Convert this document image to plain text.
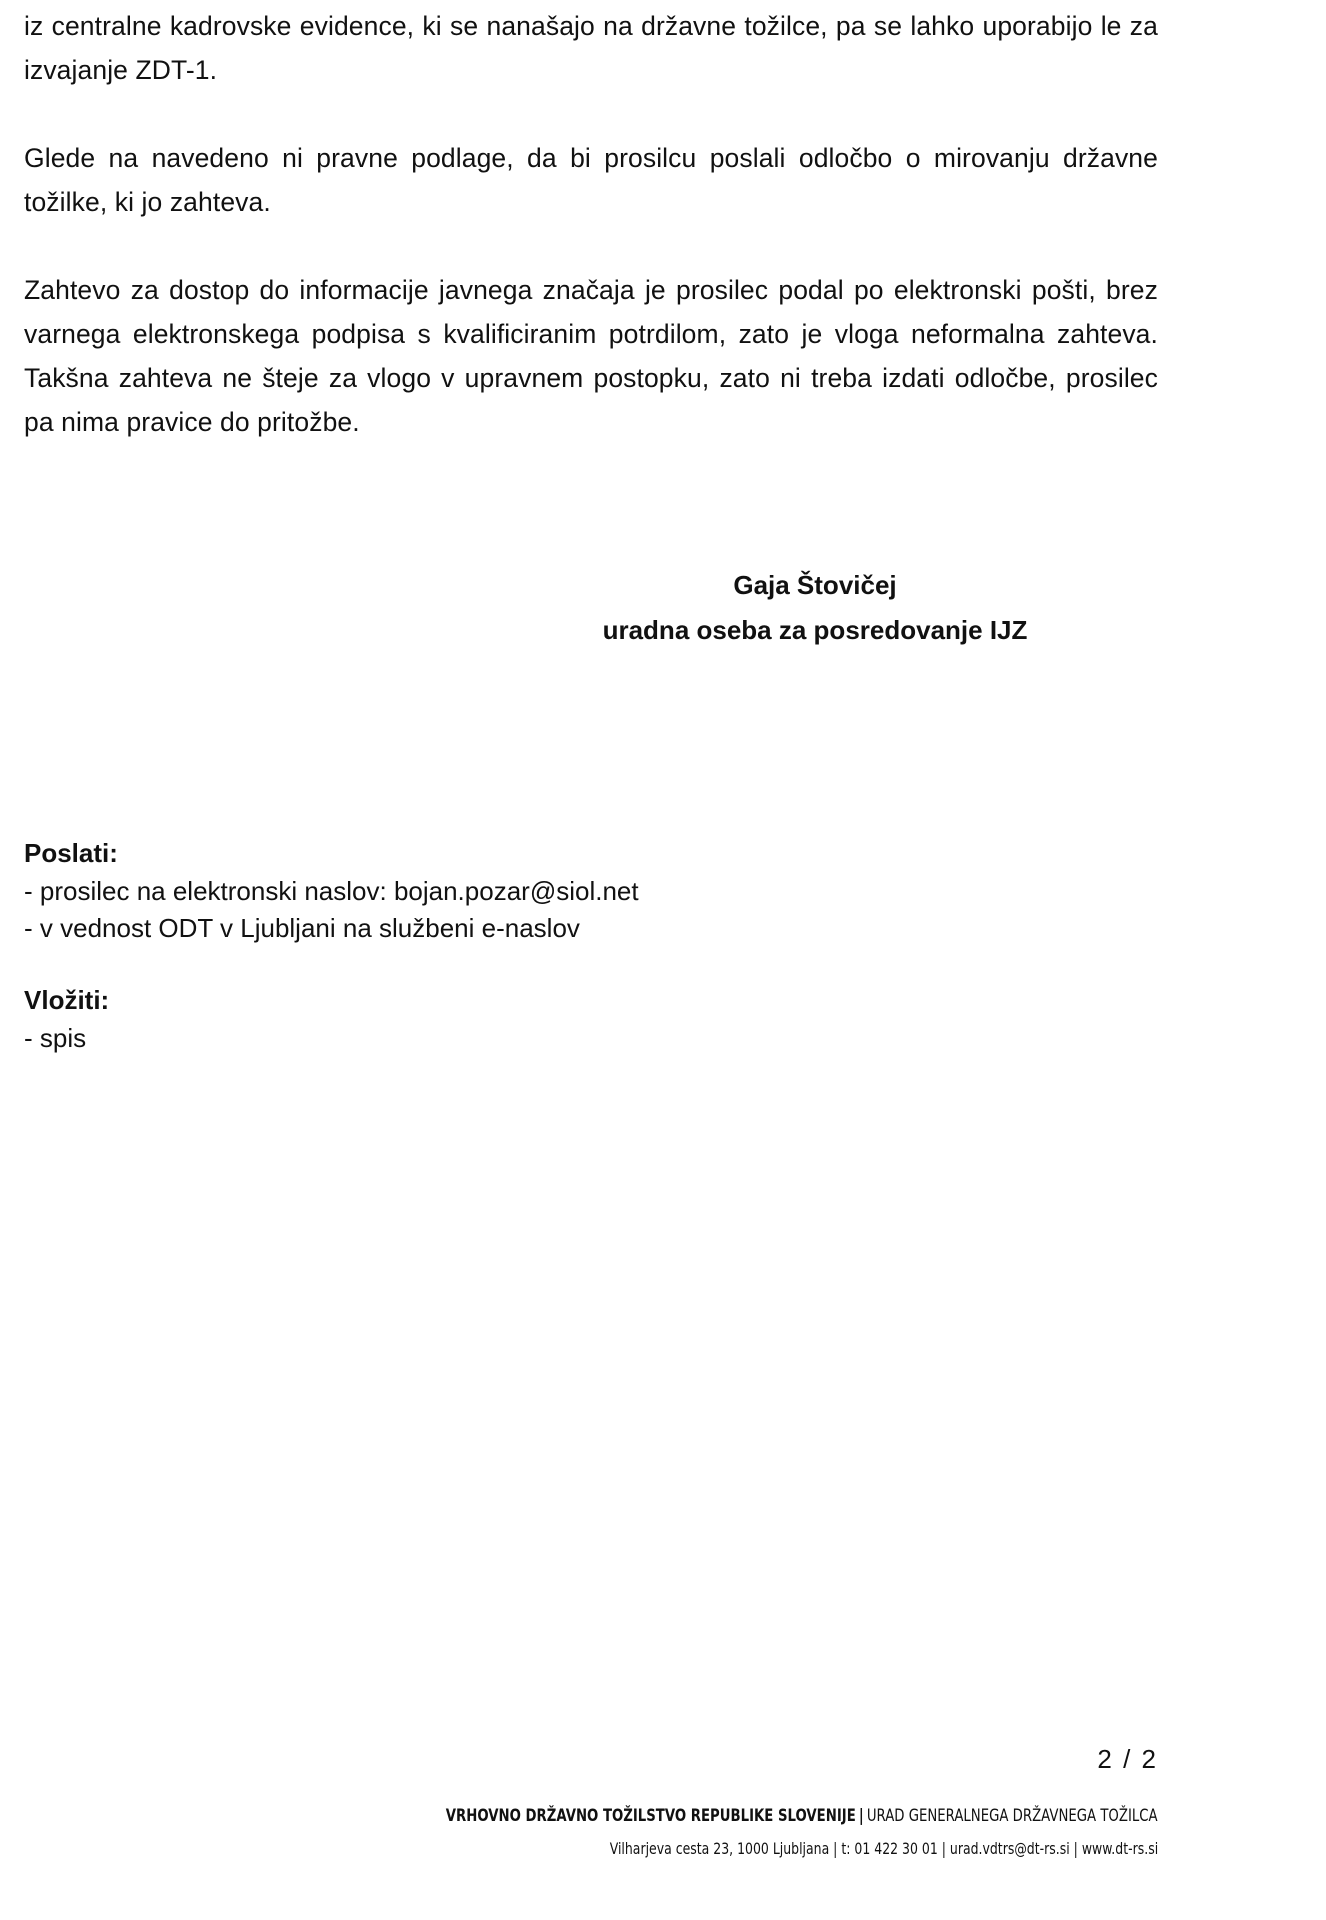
iz centralne kadrovske evidence, ki se nanašajo na državne tožilce, pa se lahko uporabijo le za
izvajanje ZDT-1.
Glede na navedeno ni pravne podlage, da bi prosilcu poslali odločbo o mirovanju državne
tožilke, ki jo zahteva.
Zahtevo za dostop do informacije javnega značaja je prosilec podal po elektronski pošti, brez
varnega elektronskega podpisa s kvalificiranim potrdilom, zato je vloga neformalna zahteva.
Takšna zahteva ne šteje za vlogo v upravnem postopku, zato ni treba izdati odločbe, prosilec
pa nima pravice do pritožbe.
Gaja Štovičej
uradna oseba za posredovanje IJZ
Poslati:
- prosilec na elektronski naslov: bojan.pozar@siol.net
- v vednost ODT v Ljubljani na službeni e-naslov
Vložiti:
- spis
2 / 2
VRHOVNO DRŽAVNO TOŽILSTVO REPUBLIKE SLOVENIJE | URAD GENERALNEGA DRŽAVNEGA TOŽILCA
Vilharjeva cesta 23, 1000 Ljubljana | t: 01 422 30 01 | urad.vdtrs@dt-rs.si | www.dt-rs.si
